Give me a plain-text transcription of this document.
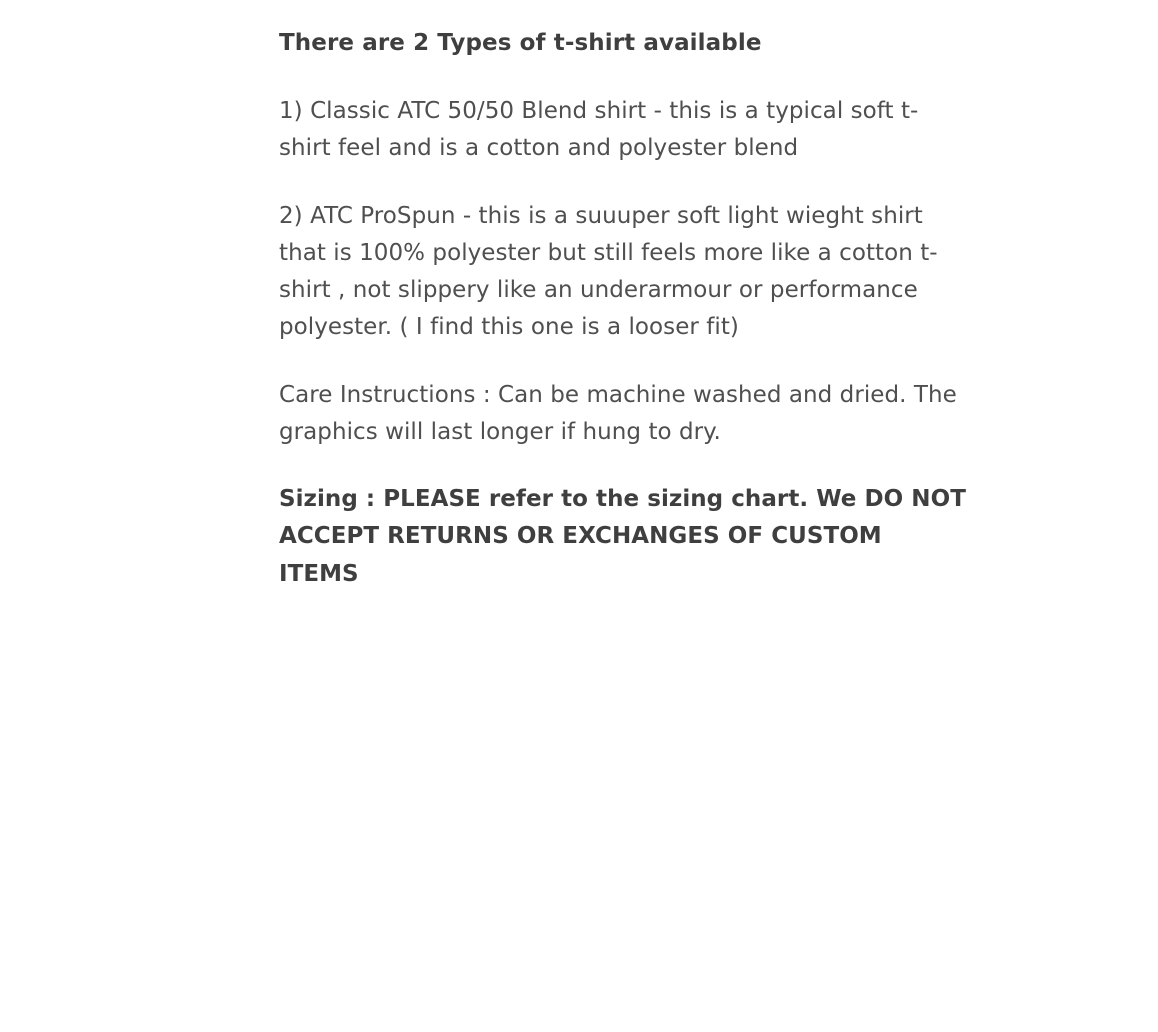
There are 2 Types of t-shirt available

1) Classic ATC 50/50 Blend shirt - this is a typical soft t-shirt feel and is a cotton and polyester blend

2) ATC ProSpun - this is a suuuper soft light wieght shirt that is 100% polyester but still feels more like a cotton t-shirt , not slippery like an underarmour or performance polyester. ( I find this one is a looser fit)

Care Instructions : Can be machine washed and dried. The graphics will last longer if hung to dry.

Sizing : PLEASE refer to the sizing chart. We DO NOT ACCEPT RETURNS OR EXCHANGES OF CUSTOM ITEMS
